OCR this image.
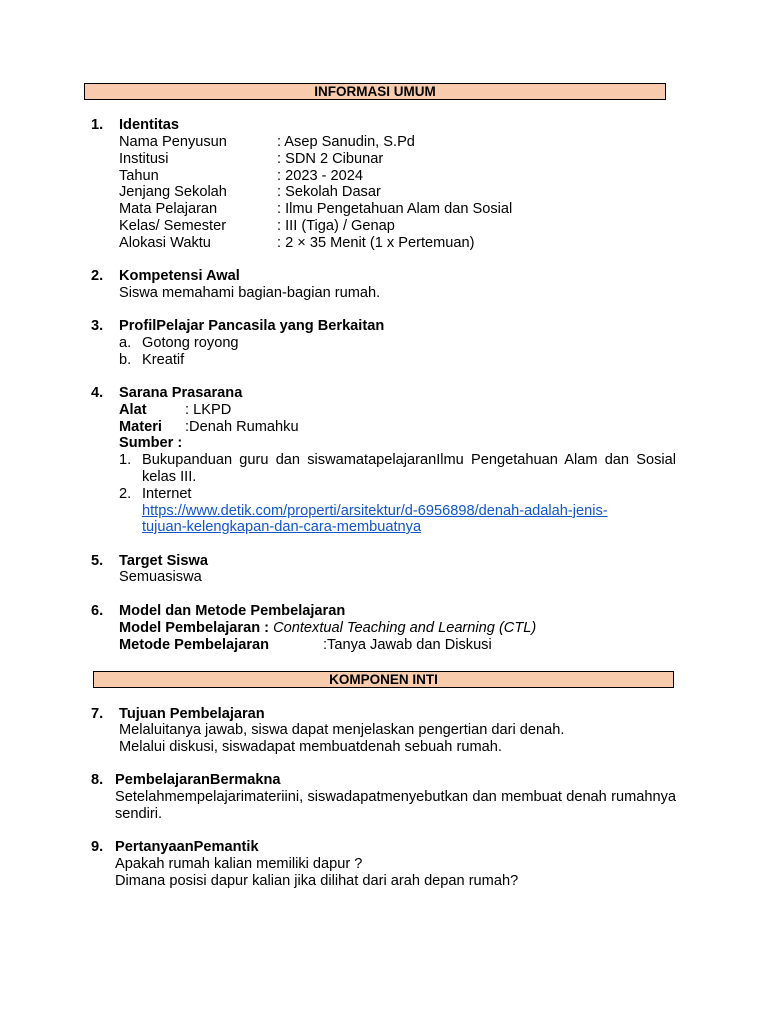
INFORMASI UMUM
1. Identitas
Nama Penyusun	: Asep Sanudin, S.Pd
Institusi	: SDN 2 Cibunar
Tahun	: 2023 - 2024
Jenjang Sekolah	: Sekolah Dasar
Mata Pelajaran	: Ilmu Pengetahuan Alam dan Sosial
Kelas/ Semester	: III (Tiga) / Genap
Alokasi Waktu	: 2 × 35 Menit (1 x Pertemuan)
2. Kompetensi Awal
Siswa memahami bagian-bagian rumah.
3. ProfilPelajar Pancasila yang Berkaitan
a. Gotong royong
b. Kreatif
4. Sarana Prasarana
Alat	: LKPD
Materi :Denah Rumahku
Sumber :
1. Bukupanduan guru dan siswamatapelajaranIlmu Pengetahuan Alam dan Sosial kelas III.
2. Internet
https://www.detik.com/properti/arsitektur/d-6956898/denah-adalah-jenis-
tujuan-kelengkapan-dan-cara-membuatnya
5. Target Siswa
Semuasiswa
6. Model dan Metode Pembelajaran
Model Pembelajaran : Contextual Teaching and Learning (CTL)
Metode Pembelajaran	:Tanya Jawab dan Diskusi
KOMPONEN INTI
7. Tujuan Pembelajaran
Melaluitanya jawab, siswa dapat menjelaskan pengertian dari denah.
Melalui diskusi, siswadapat membuatdenah sebuah rumah.
8. PembelajaranBermakna
Setelahmempelajarimateriini, siswadapatmenyebutkan dan membuat denah rumahnya sendiri.
9. PertanyaanPemantik
Apakah rumah kalian memiliki dapur ?
Dimana posisi dapur kalian jika dilihat dari arah depan rumah?
